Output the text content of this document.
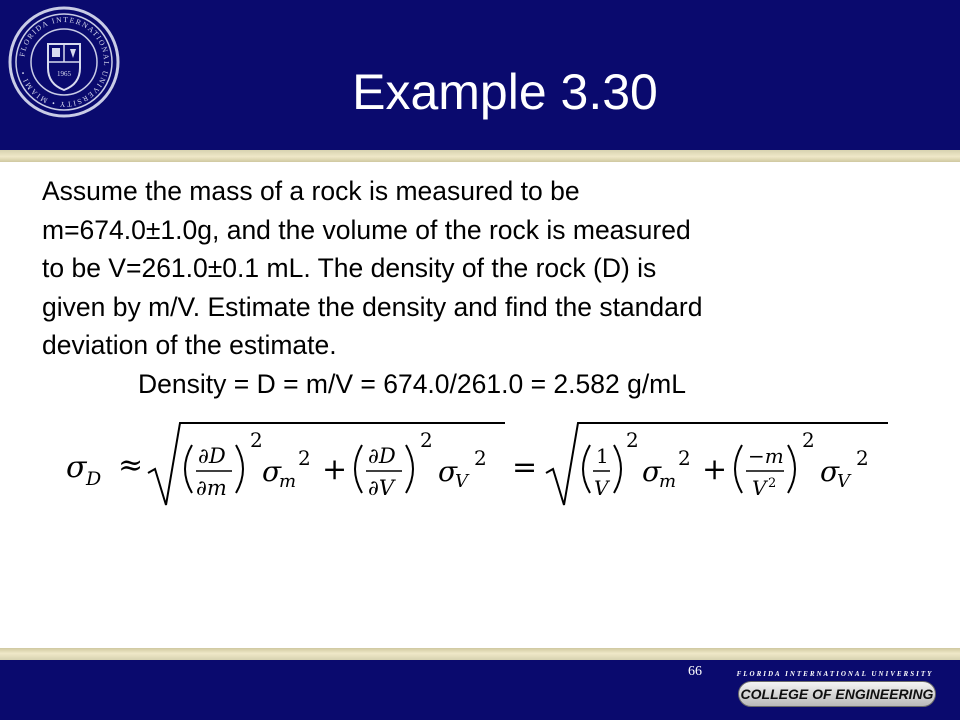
FLORIDA INTERNATIONAL UNIVERSITY • MIAMI •	1965	Example 3.30
Assume the mass of a rock is measured to be
m=674.0±1.0g, and the volume of the rock is measured
to be V=261.0±0.1 mL. The density of the rock (D) is
given by m/V. Estimate the density and find the standard
deviation of the estimate.
Density = D = m/V = 674.0/261.0 = 2.582 g/mL
σ D ≈	∂D
∂m
2
σ
m
2 + ∂D
∂V
2
σ
V
2 =	1
V
2
σ
m
2 + −m
V 2
2
σ
V
2
66	FLORIDA INTERNATIONAL UNIVERSITY
COLLEGE OF ENGINEERING
